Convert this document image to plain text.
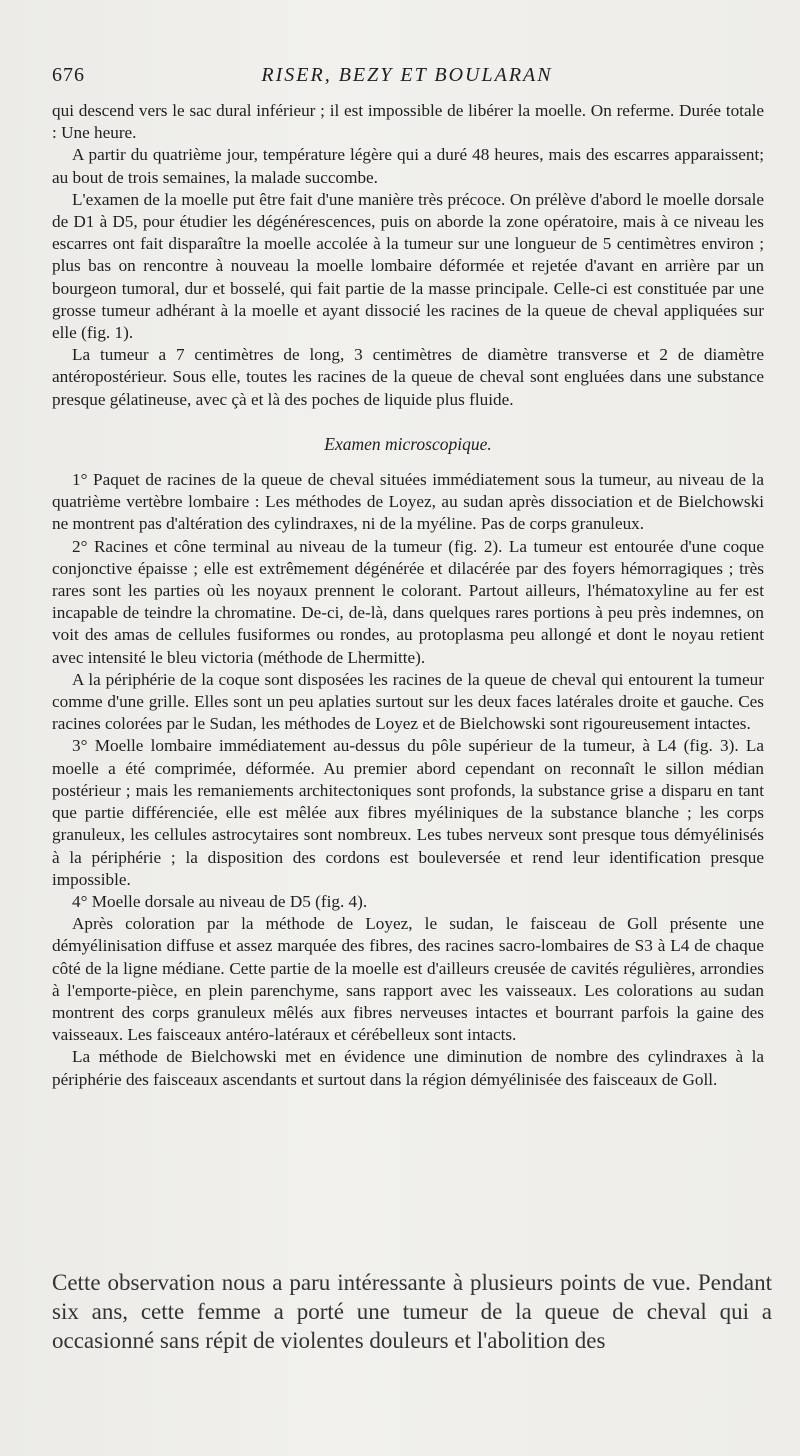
676	RISER, BEZY ET BOULARAN

qui descend vers le sac dural inférieur ; il est impossible de libérer la moelle. On referme. Durée totale : Une heure.

A partir du quatrième jour, température légère qui a duré 48 heures, mais des escarres apparaissent; au bout de trois semaines, la malade succombe.

L'examen de la moelle put être fait d'une manière très précoce. On prélève d'abord le moelle dorsale de D1 à D5, pour étudier les dégénérescences, puis on aborde la zone opératoire, mais à ce niveau les escarres ont fait disparaître la moelle accolée à la tumeur sur une longueur de 5 centimètres environ ; plus bas on rencontre à nouveau la moelle lombaire déformée et rejetée d'avant en arrière par un bourgeon tumoral, dur et bosselé, qui fait partie de la masse principale. Celle-ci est constituée par une grosse tumeur adhérant à la moelle et ayant dissocié les racines de la queue de cheval appliquées sur elle (fig. 1).

La tumeur a 7 centimètres de long, 3 centimètres de diamètre transverse et 2 de diamètre antéropostérieur. Sous elle, toutes les racines de la queue de cheval sont engluées dans une substance presque gélatineuse, avec çà et là des poches de liquide plus fluide.

Examen microscopique.

1° Paquet de racines de la queue de cheval situées immédiatement sous la tumeur, au niveau de la quatrième vertèbre lombaire : Les méthodes de Loyez, au sudan après dissociation et de Bielchowski ne montrent pas d'altération des cylindraxes, ni de la myéline. Pas de corps granuleux.

2° Racines et cône terminal au niveau de la tumeur (fig. 2). La tumeur est entourée d'une coque conjonctive épaisse ; elle est extrêmement dégénérée et dilacérée par des foyers hémorragiques ; très rares sont les parties où les noyaux prennent le colorant. Partout ailleurs, l'hématoxyline au fer est incapable de teindre la chromatine. De-ci, de-là, dans quelques rares portions à peu près indemnes, on voit des amas de cellules fusiformes ou rondes, au protoplasma peu allongé et dont le noyau retient avec intensité le bleu victoria (méthode de Lhermitte).

A la périphérie de la coque sont disposées les racines de la queue de cheval qui entourent la tumeur comme d'une grille. Elles sont un peu aplaties surtout sur les deux faces latérales droite et gauche. Ces racines colorées par le Sudan, les méthodes de Loyez et de Bielchowski sont rigoureusement intactes.

3° Moelle lombaire immédiatement au-dessus du pôle supérieur de la tumeur, à L4 (fig. 3). La moelle a été comprimée, déformée. Au premier abord cependant on reconnaît le sillon médian postérieur ; mais les remaniements architectoniques sont profonds, la substance grise a disparu en tant que partie différenciée, elle est mêlée aux fibres myéliniques de la substance blanche ; les corps granuleux, les cellules astrocytaires sont nombreux. Les tubes nerveux sont presque tous démyélinisés à la périphérie ; la disposition des cordons est bouleversée et rend leur identification presque impossible.

4° Moelle dorsale au niveau de D5 (fig. 4).

Après coloration par la méthode de Loyez, le sudan, le faisceau de Goll présente une démyélinisation diffuse et assez marquée des fibres, des racines sacro-lombaires de S3 à L4 de chaque côté de la ligne médiane. Cette partie de la moelle est d'ailleurs creusée de cavités régulières, arrondies à l'emporte-pièce, en plein parenchyme, sans rapport avec les vaisseaux. Les colorations au sudan montrent des corps granuleux mêlés aux fibres nerveuses intactes et bourrant parfois la gaine des vaisseaux. Les faisceaux antéro-latéraux et cérébelleux sont intacts.

La méthode de Bielchowski met en évidence une diminution de nombre des cylindraxes à la périphérie des faisceaux ascendants et surtout dans la région démyélinisée des faisceaux de Goll.

Cette observation nous a paru intéressante à plusieurs points de vue. Pendant six ans, cette femme a porté une tumeur de la queue de cheval qui a occasionné sans répit de violentes douleurs et l'abolition des
